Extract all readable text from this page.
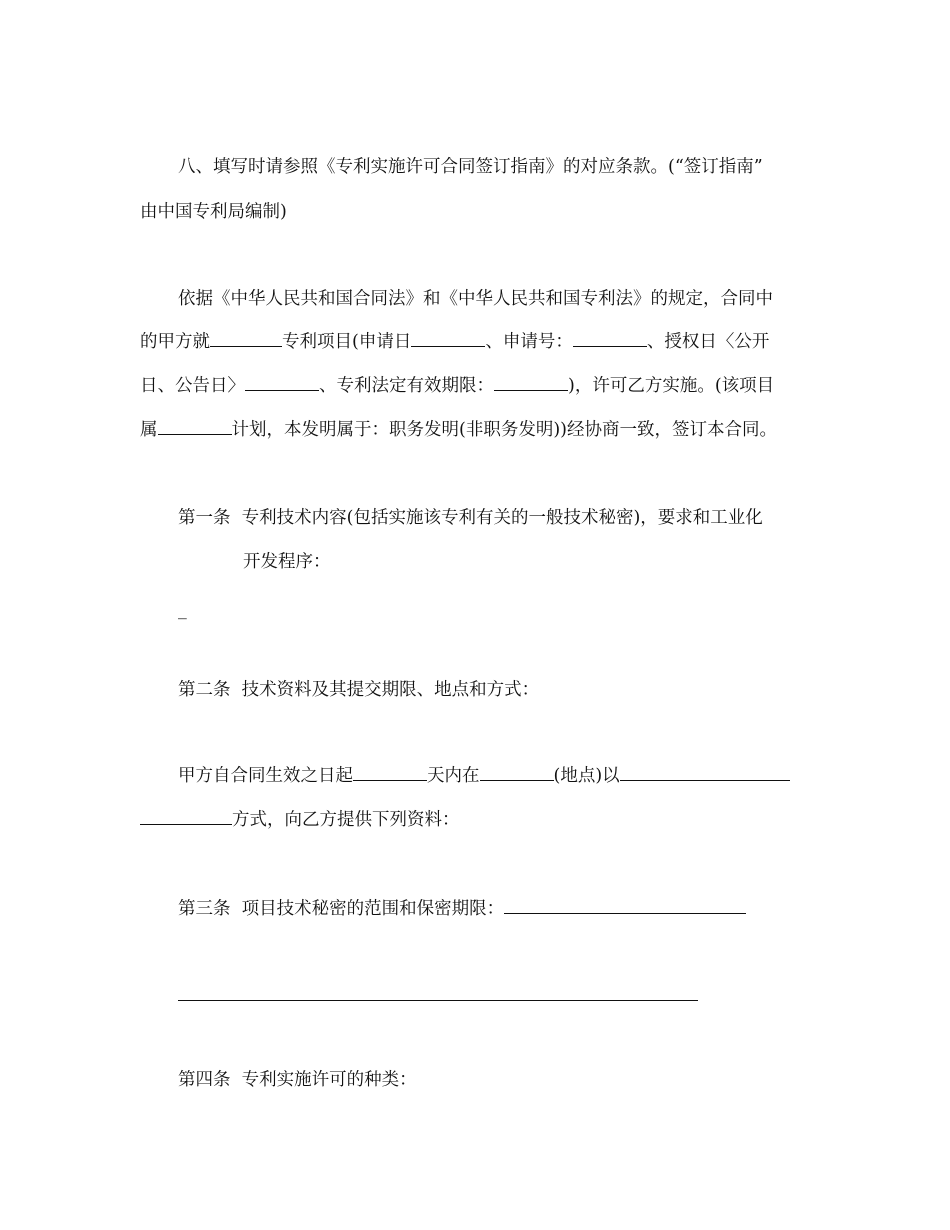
八、填写时请参照《专利实施许可合同签订指南》的对应条款。(“签订指南”
由中国专利局编制)
依据《中华人民共和国合同法》和《中华人民共和国专利法》的规定，合同中
的甲方就	专利项目(申请日	、申请号：	、授权日〈公开
日、公告日〉	、专利法定有效期限：	)，许可乙方实施。(该项目
属	计划，本发明属于：职务发明(非职务发明))经协商一致，签订本合同。
第一条  专利技术内容(包括实施该专利有关的一般技术秘密)，要求和工业化
开发程序：
_
第二条  技术资料及其提交期限、地点和方式：
甲方自合同生效之日起	天内在	(地点)以
方式，向乙方提供下列资料：
第三条  项目技术秘密的范围和保密期限：
第四条  专利实施许可的种类：
